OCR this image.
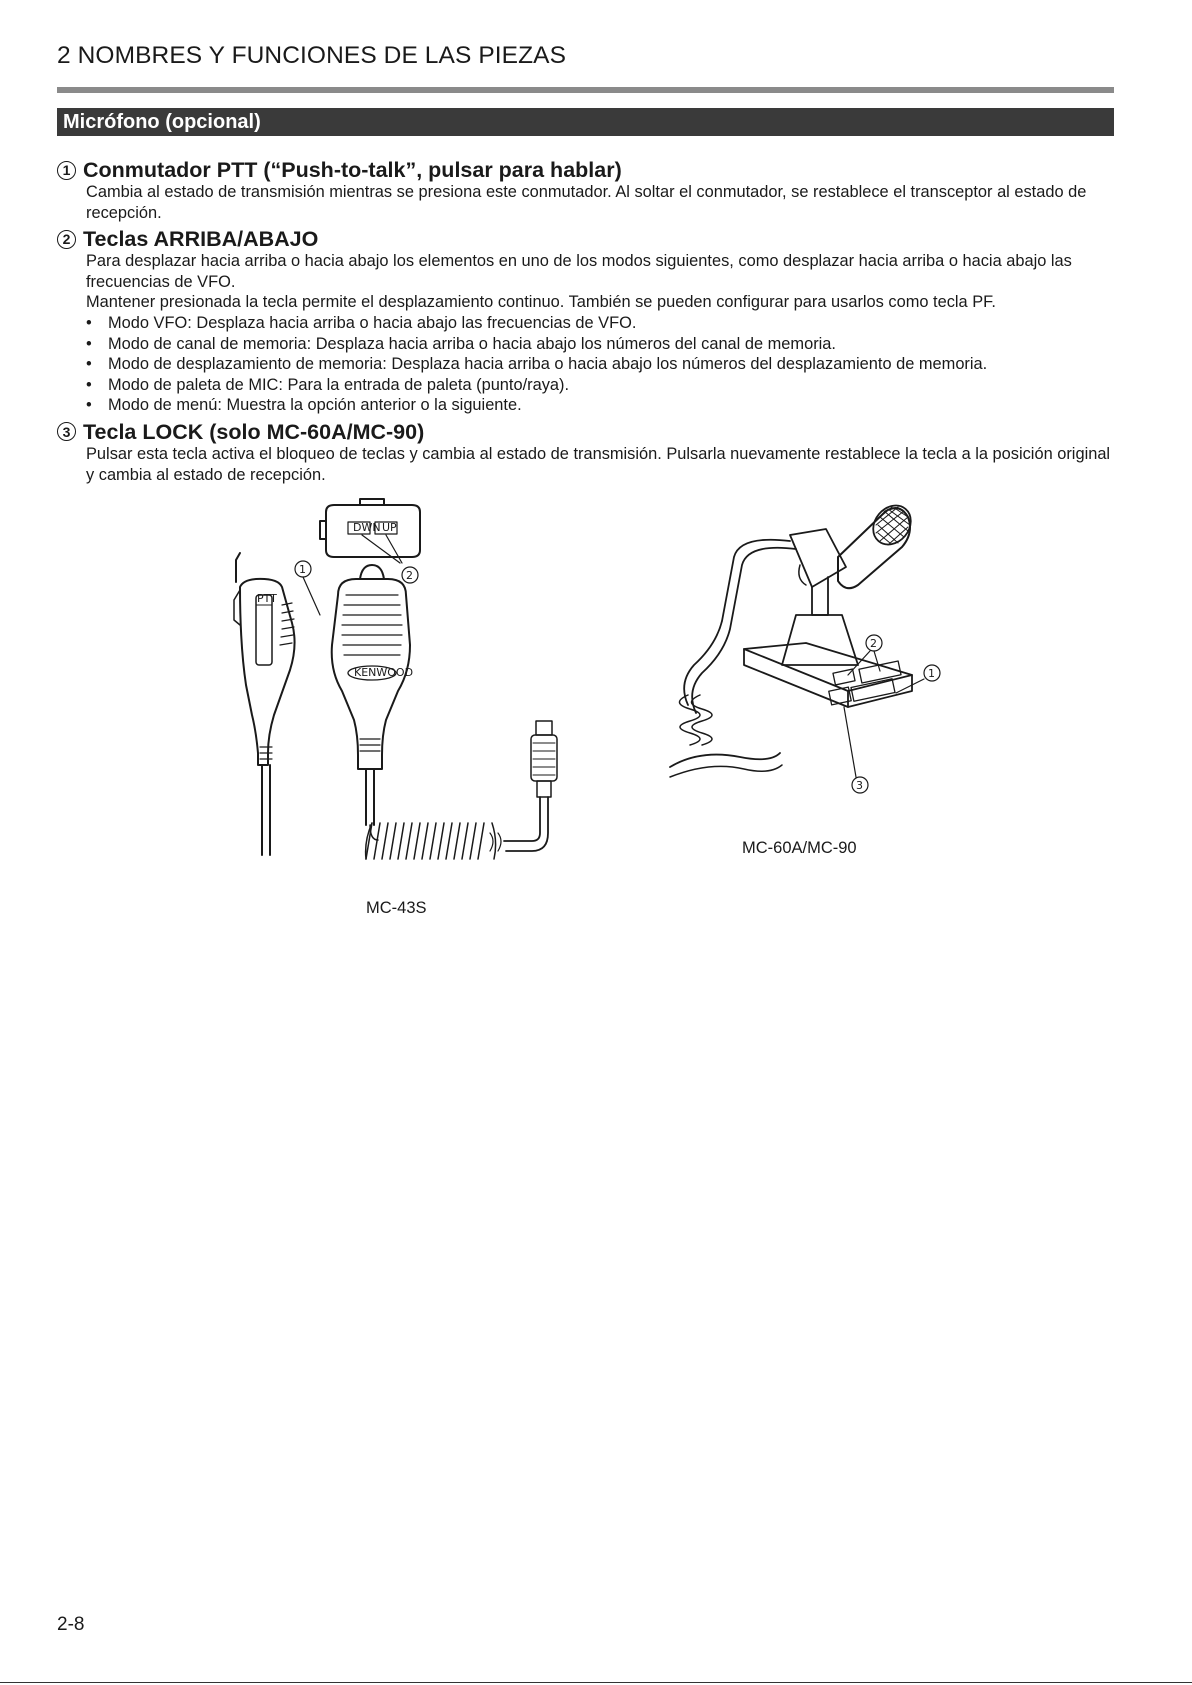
2 NOMBRES Y FUNCIONES DE LAS PIEZAS
Micrófono (opcional)
1 Conmutador PTT (“Push-to-talk”, pulsar para hablar)

Cambia al estado de transmisión mientras se presiona este conmutador. Al soltar el conmutador, se restablece el transceptor al estado de recepción.

2 Teclas ARRIBA/ABAJO

Para desplazar hacia arriba o hacia abajo los elementos en uno de los modos siguientes, como desplazar hacia arriba o hacia abajo las frecuencias de VFO.

Mantener presionada la tecla permite el desplazamiento continuo. También se pueden configurar para usarlos como tecla PF.

• Modo VFO: Desplaza hacia arriba o hacia abajo las frecuencias de VFO.
• Modo de canal de memoria: Desplaza hacia arriba o hacia abajo los números del canal de memoria.
• Modo de desplazamiento de memoria: Desplaza hacia arriba o hacia abajo los números del desplazamiento de memoria.
• Modo de paleta de MIC: Para la entrada de paleta (punto/raya).
• Modo de menú: Muestra la opción anterior o la siguiente.
3 Tecla LOCK (solo MC-60A/MC-90)

Pulsar esta tecla activa el bloqueo de teclas y cambia al estado de transmisión. Pulsarla nuevamente restablece la tecla a la posición original y cambia al estado de recepción.

DWN UP
2
PTT
1
KENWOOD
MC-43S
2
1
3
MC-60A/MC-90
2-8
